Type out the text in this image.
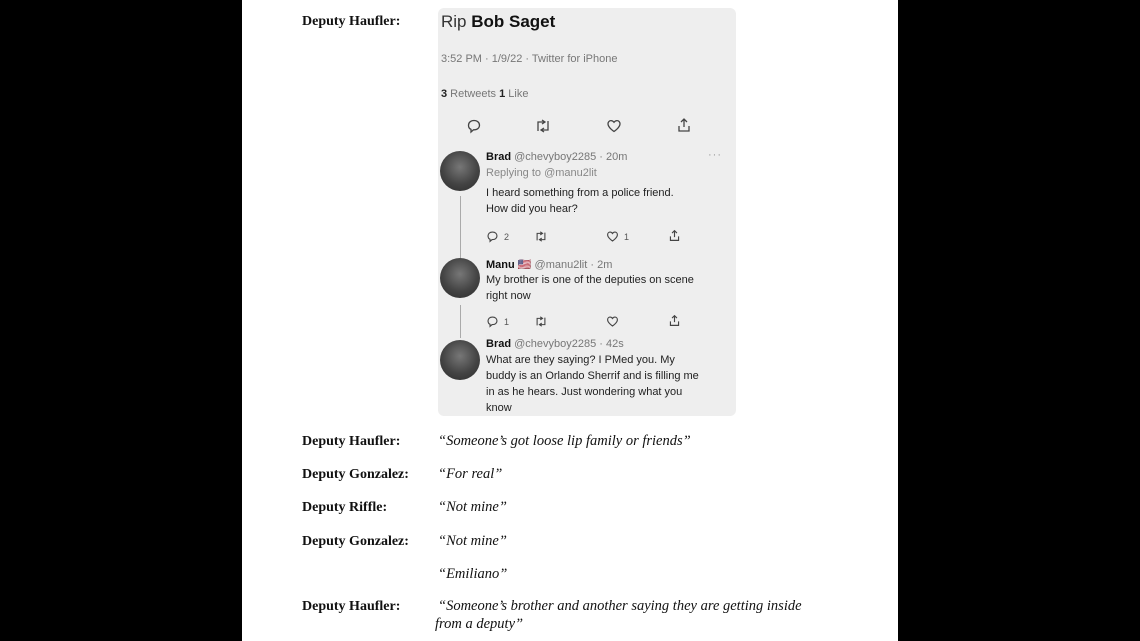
Deputy Haufler: Rip Bob Saget
3:52 PM · 1/9/22 · Twitter for iPhone
3 Retweets 1 Like
Brad @chevyboy2285 · 20m	···
Replying to @manu2lit
I heard something from a police friend.
How did you hear?
2	1
Manu 🇺🇸 @manu2lit · 2m
My brother is one of the deputies on scene
right now
1
Brad @chevyboy2285 · 42s
What are they saying? I PMed you. My
buddy is an Orlando Sherrif and is filling me
in as he hears. Just wondering what you
know
Deputy Haufler:	“Someone’s got loose lip family or friends”
Deputy Gonzalez: “For real”
Deputy Riffle:	“Not mine”
Deputy Gonzalez: “Not mine”
“Emiliano”
Deputy Haufler:	“Someone’s brother and another saying they are getting inside
from a deputy”
